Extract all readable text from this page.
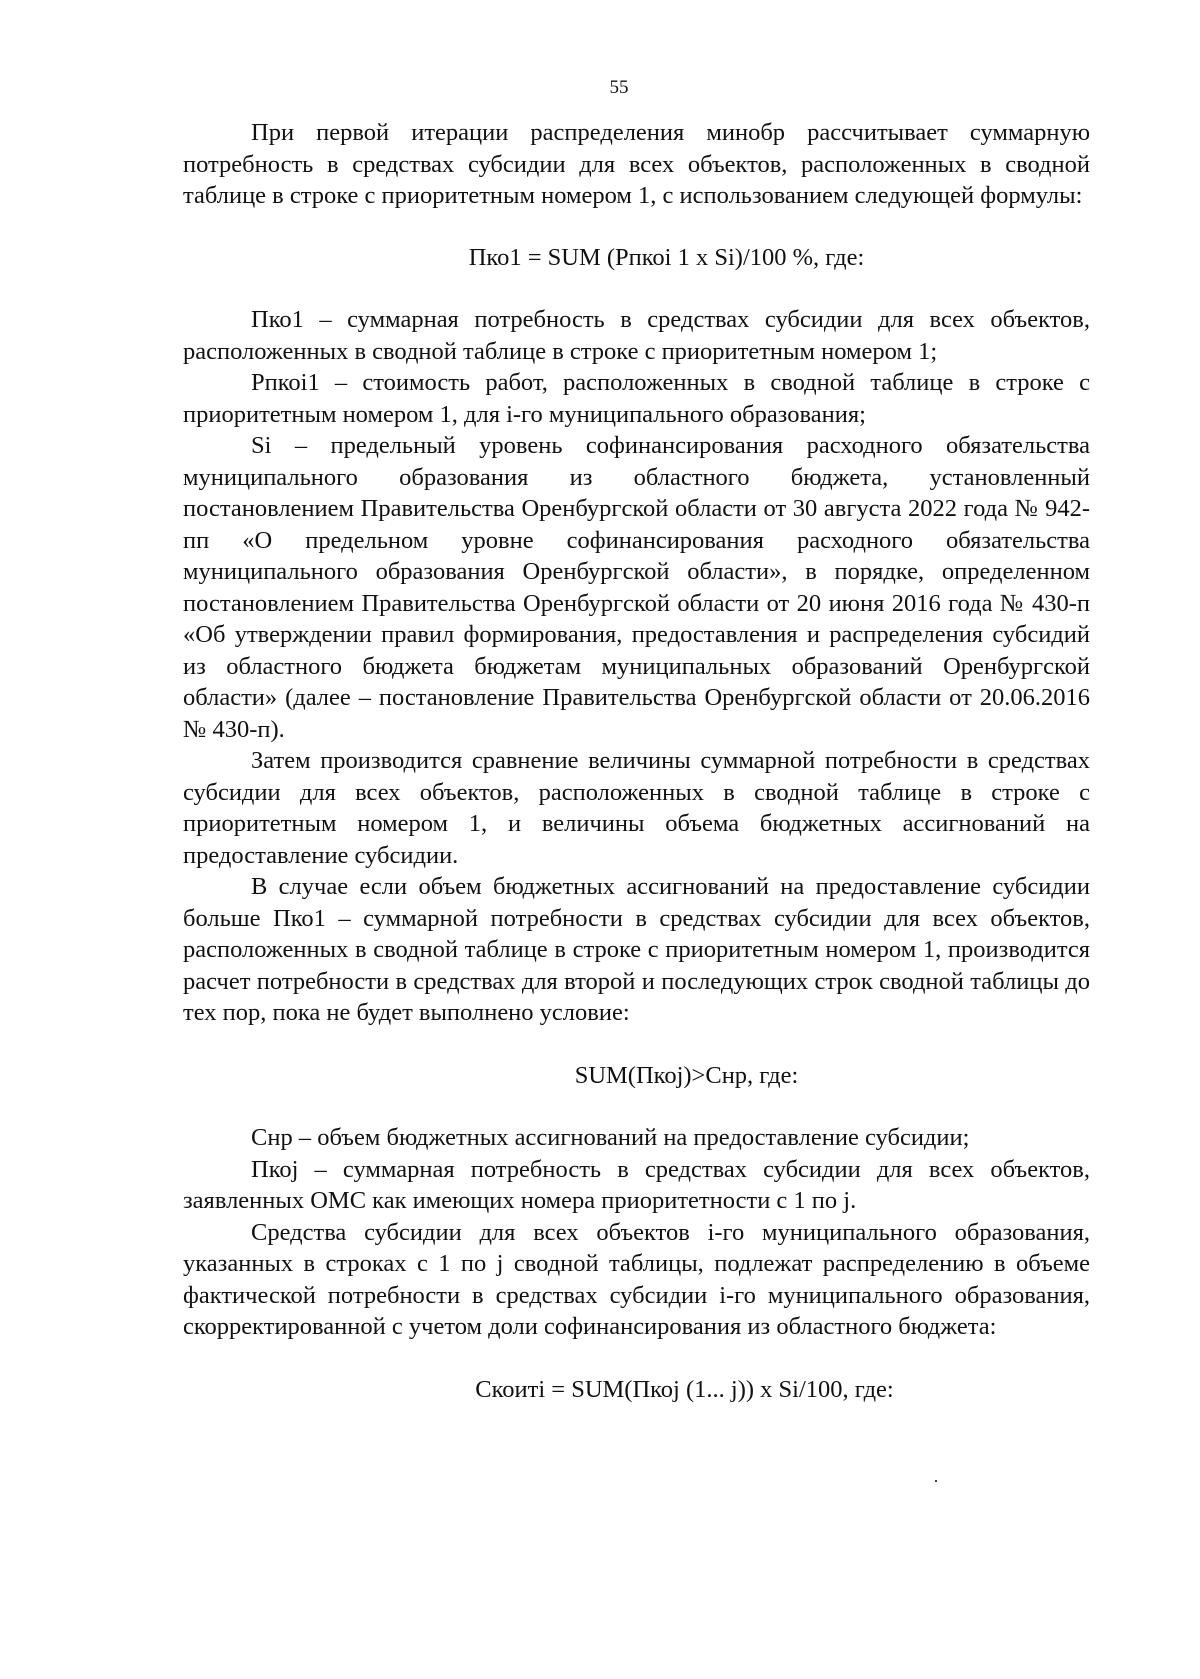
55

При первой итерации распределения минобр рассчитывает суммарную потребность в средствах субсидии для всех объектов, расположенных в сводной таблице в строке с приоритетным номером 1, с использованием следующей формулы:

Пко1 = SUM (Рпкоi 1 x Si)/100 %, где:

Пко1 – суммарная потребность в средствах субсидии для всех объектов, расположенных в сводной таблице в строке с приоритетным номером 1;

Рпкоi1 – стоимость работ, расположенных в сводной таблице в строке с приоритетным номером 1, для i-го муниципального образования;

Si – предельный уровень софинансирования расходного обязательства муниципального образования из областного бюджета, установленный постановлением Правительства Оренбургской области от 30 августа 2022 года № 942-пп «О предельном уровне софинансирования расходного обязательства муниципального образования Оренбургской области», в порядке, определенном постановлением Правительства Оренбургской области от 20 июня 2016 года № 430-п «Об утверждении правил формирования, предоставления и распределения субсидий из областного бюджета бюджетам муниципальных образований Оренбургской области» (далее – постановление Правительства Оренбургской области от 20.06.2016 № 430-п).

Затем производится сравнение величины суммарной потребности в средствах субсидии для всех объектов, расположенных в сводной таблице в строке с приоритетным номером 1, и величины объема бюджетных ассигнований на предоставление субсидии.

В случае если объем бюджетных ассигнований на предоставление субсидии больше Пко1 – суммарной потребности в средствах субсидии для всех объектов, расположенных в сводной таблице в строке с приоритетным номером 1, производится расчет потребности в средствах для второй и последующих строк сводной таблицы до тех пор, пока не будет выполнено условие:

SUM(Пкоj)>Снр, где:

Снр – объем бюджетных ассигнований на предоставление субсидии;

Пкоj – суммарная потребность в средствах субсидии для всех объектов, заявленных ОМС как имеющих номера приоритетности с 1 по j.

Средства субсидии для всех объектов i-го муниципального образования, указанных в строках с 1 по j сводной таблицы, подлежат распределению в объеме фактической потребности в средствах субсидии i-го муниципального образования, скорректированной с учетом доли софинансирования из областного бюджета:

Скоитi = SUM(Пкоj (1... j)) x Si/100, где:
